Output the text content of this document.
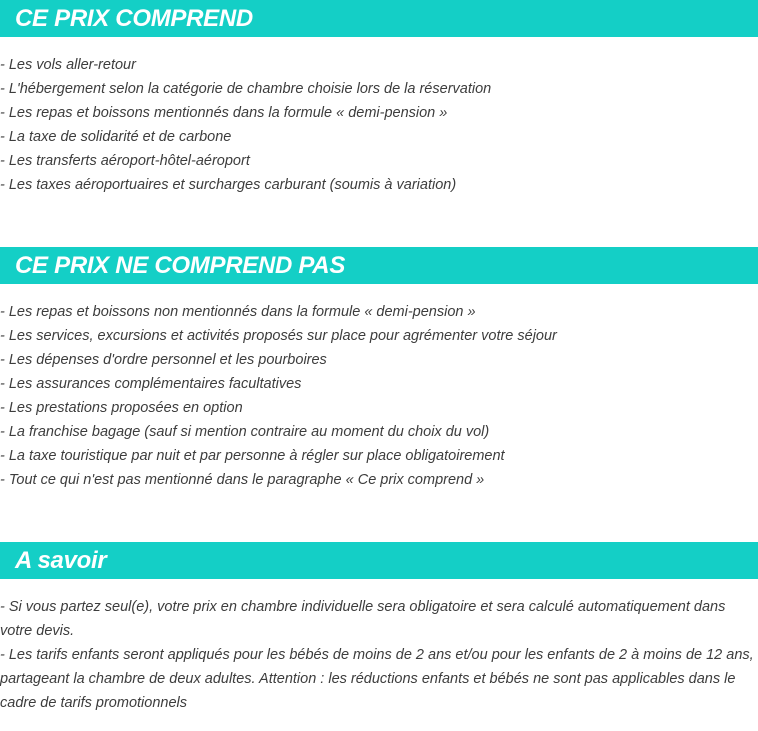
CE PRIX COMPREND
- Les vols aller-retour
- L'hébergement selon la catégorie de chambre choisie lors de la réservation
- Les repas et boissons mentionnés dans la formule « demi-pension »
- La taxe de solidarité et de carbone
- Les transferts aéroport-hôtel-aéroport
- Les taxes aéroportuaires et surcharges carburant (soumis à variation)
CE PRIX NE COMPREND PAS
- Les repas et boissons non mentionnés dans la formule « demi-pension »
- Les services, excursions et activités proposés sur place pour agrémenter votre séjour
- Les dépenses d'ordre personnel et les pourboires
- Les assurances complémentaires facultatives
- Les prestations proposées en option
- La franchise bagage (sauf si mention contraire au moment du choix du vol)
- La taxe touristique par nuit et par personne à régler sur place obligatoirement
- Tout ce qui n'est pas mentionné dans le paragraphe « Ce prix comprend »
A savoir

- Si vous partez seul(e), votre prix en chambre individuelle sera obligatoire et sera calculé automatiquement dans votre devis.

- Les tarifs enfants seront appliqués pour les bébés de moins de 2 ans et/ou pour les enfants de 2 à moins de 12 ans, partageant la chambre de deux adultes. Attention : les réductions enfants et bébés ne sont pas applicables dans le cadre de tarifs promotionnels
